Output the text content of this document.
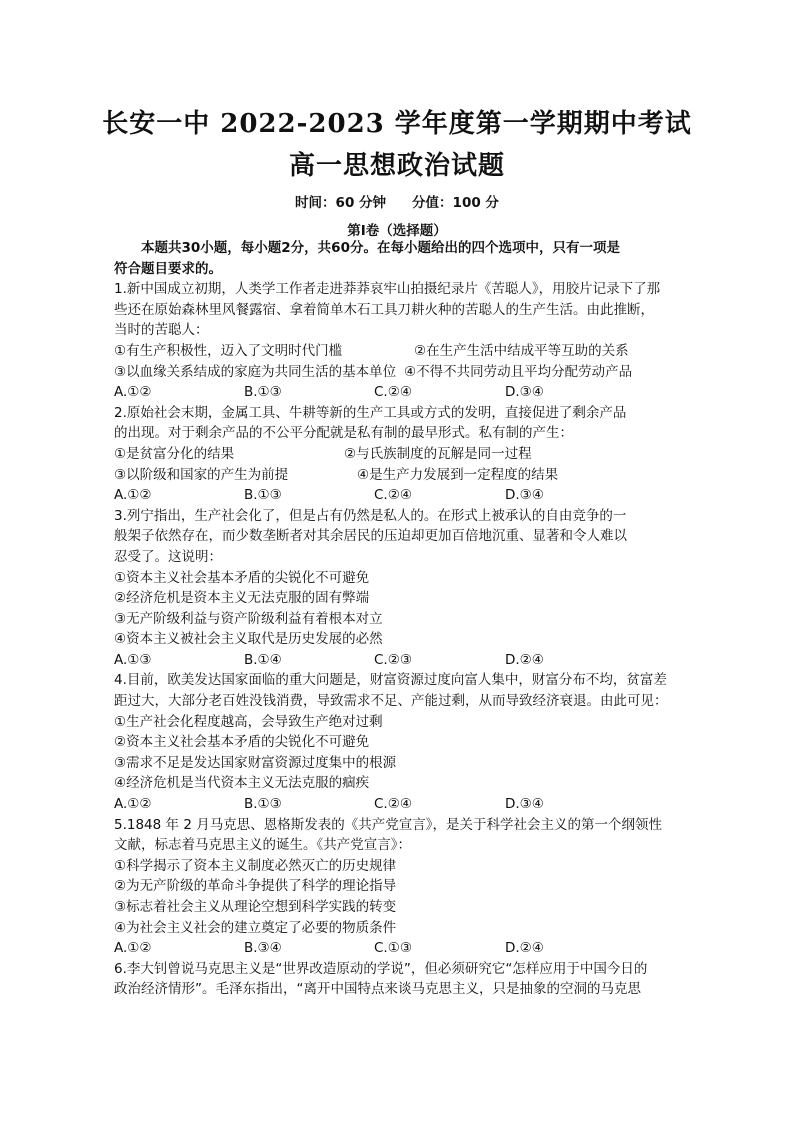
长安一中 2022-2023 学年度第一学期期中考试
高一思想政治试题
时间：60 分钟 分值：100 分
第Ⅰ卷（选择题）
本题共30小题，每小题2分，共60分。在每小题给出的四个选项中，只有一项是
符合题目要求的。
1.新中国成立初期，人类学工作者走进莽莽哀牢山拍摄纪录片《苦聪人》，用胶片记录下了那
些还在原始森林里风餐露宿、拿着简单木石工具刀耕火种的苦聪人的生产生活。由此推断，
当时的苦聪人：
①有生产积极性，迈入了文明时代门槛	②在生产生活中结成平等互助的关系
③以血缘关系结成的家庭为共同生活的基本单位 ④不得不共同劳动且平均分配劳动产品
A.①②	B.①③	C.②④	D.③④
2.原始社会末期，金属工具、牛耕等新的生产工具或方式的发明，直接促进了剩余产品
的出现。对于剩余产品的不公平分配就是私有制的最早形式。私有制的产生：
①是贫富分化的结果	②与氏族制度的瓦解是同一过程
③以阶级和国家的产生为前提	④是生产力发展到一定程度的结果
A.①②	B.①③	C.②④	D.③④
3.列宁指出，生产社会化了，但是占有仍然是私人的。在形式上被承认的自由竞争的一
般架子依然存在，而少数垄断者对其余居民的压迫却更加百倍地沉重、显著和令人难以
忍受了。这说明：
①资本主义社会基本矛盾的尖锐化不可避免
②经济危机是资本主义无法克服的固有弊端
③无产阶级利益与资产阶级利益有着根本对立
④资本主义被社会主义取代是历史发展的必然
A.①③	B.①④	C.②③	D.②④
4.目前，欧美发达国家面临的重大问题是，财富资源过度向富人集中，财富分布不均，贫富差
距过大，大部分老百姓没钱消费，导致需求不足、产能过剩，从而导致经济衰退。由此可见：
①生产社会化程度越高，会导致生产绝对过剩
②资本主义社会基本矛盾的尖锐化不可避免
③需求不足是发达国家财富资源过度集中的根源
④经济危机是当代资本主义无法克服的痼疾
A.①②	B.①③	C.②④	D.③④
5.1848 年 2 月马克思、恩格斯发表的《共产党宣言》，是关于科学社会主义的第一个纲领性
文献，标志着马克思主义的诞生。《共产党宣言》：
①科学揭示了资本主义制度必然灭亡的历史规律
②为无产阶级的革命斗争提供了科学的理论指导
③标志着社会主义从理论空想到科学实践的转变
④为社会主义社会的建立奠定了必要的物质条件
A.①②	B.③④	C.①③	D.②④
6.李大钊曾说马克思主义是“世界改造原动的学说”，但必须研究它“怎样应用于中国今日的
政治经济情形”。毛泽东指出，“离开中国特点来谈马克思主义，只是抽象的空洞的马克思
